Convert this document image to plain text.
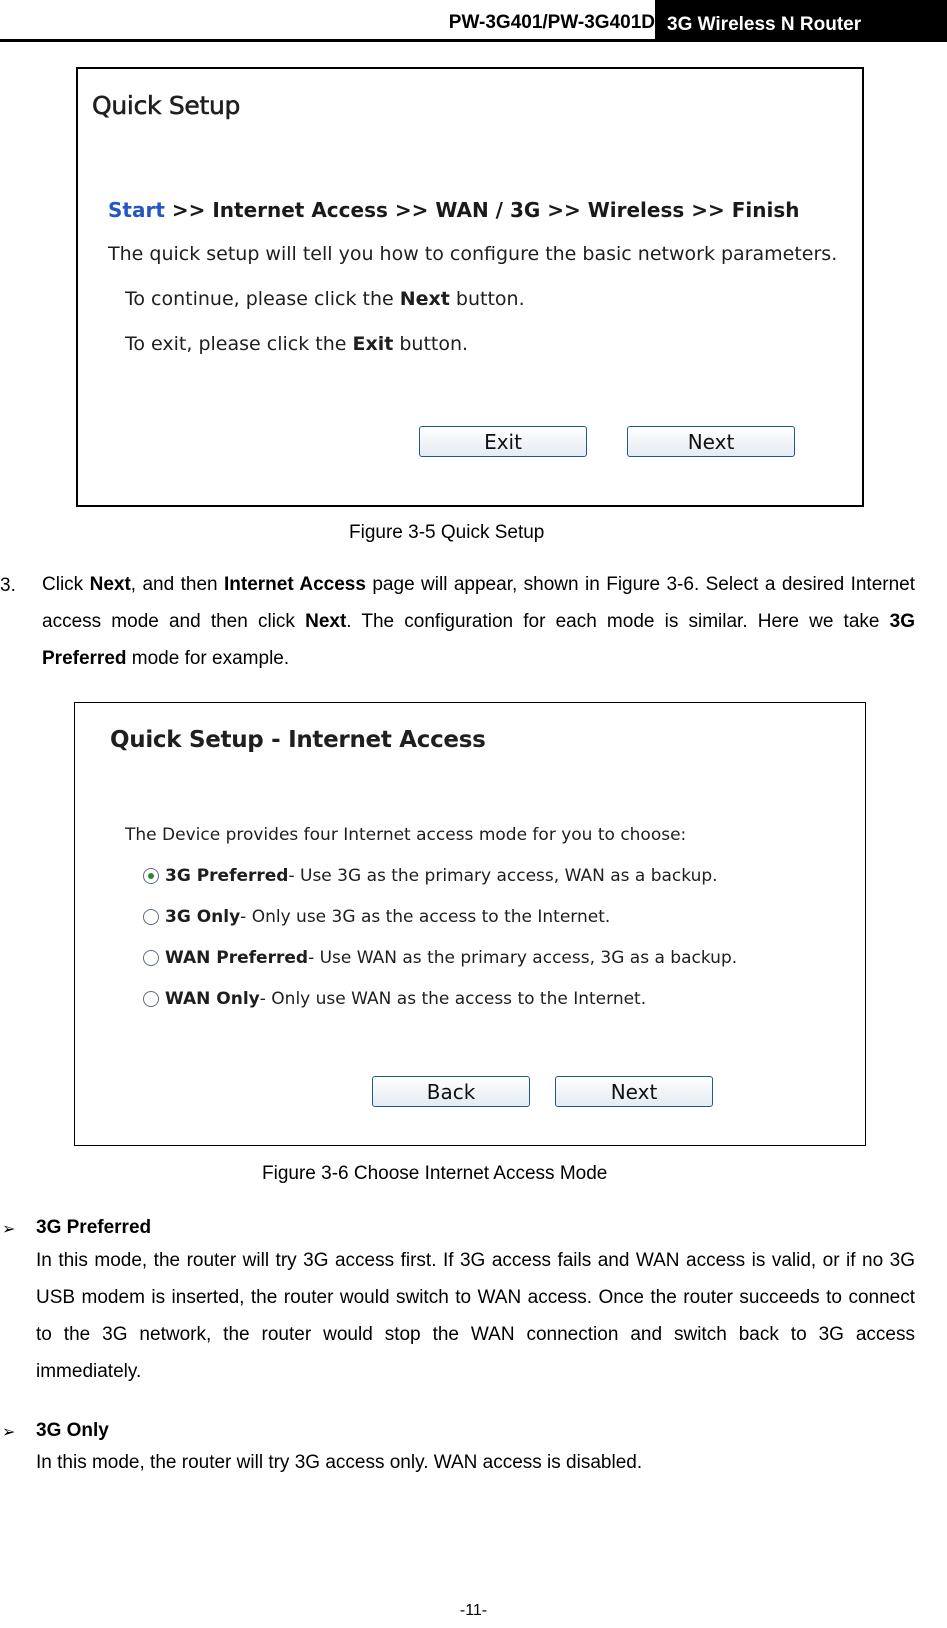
PW-3G401/PW-3G401D 3G Wireless N Router
Quick Setup
Start >> Internet Access >> WAN / 3G >> Wireless >> Finish
The quick setup will tell you how to configure the basic network parameters.
To continue, please click the Next button.
To exit, please click the Exit button.
Exit	Next
Figure 3-5 Quick Setup
3. Click Next, and then Internet Access page will appear, shown in Figure 3-6. Select a desired Internet access mode and then click Next. The configuration for each mode is similar. Here we take 3G Preferred mode for example.
Quick Setup - Internet Access
The Device provides four Internet access mode for you to choose:
3G Preferred - Use 3G as the primary access, WAN as a backup.
3G Only - Only use 3G as the access to the Internet.
WAN Preferred - Use WAN as the primary access, 3G as a backup.
WAN Only - Only use WAN as the access to the Internet.
Back	Next
Figure 3-6 Choose Internet Access Mode
➢ 3G Preferred
In this mode, the router will try 3G access first. If 3G access fails and WAN access is valid, or if no 3G USB modem is inserted, the router would switch to WAN access. Once the router succeeds to connect to the 3G network, the router would stop the WAN connection and switch back to 3G access immediately.
➢ 3G Only
In this mode, the router will try 3G access only. WAN access is disabled.
-11-
